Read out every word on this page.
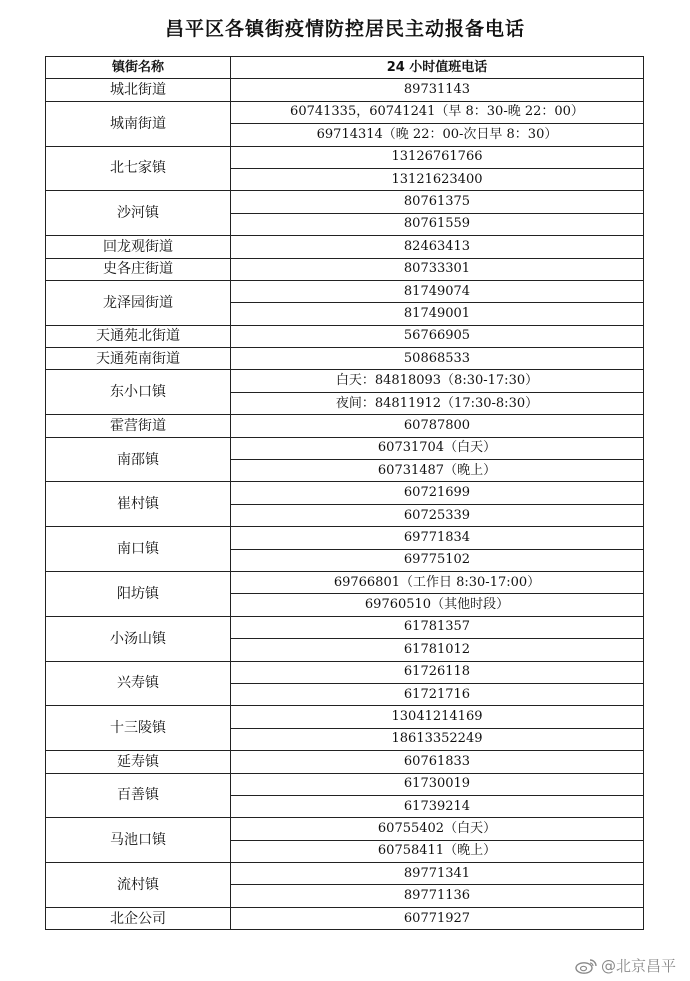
昌平区各镇街疫情防控居民主动报备电话
镇街名称	24 小时值班电话
城北街道	89731143
城南街道	60741335，60741241（早 8：30-晚 22：00）
	69714314（晚 22：00-次日早 8：30）
北七家镇	13126761766
	13121623400
沙河镇	80761375
	80761559
回龙观街道	82463413
史各庄街道	80733301
龙泽园街道	81749074
	81749001
天通苑北街道	56766905
天通苑南街道	50868533
东小口镇	白天：84818093（8:30-17:30）
	夜间：84811912（17:30-8:30）
霍营街道	60787800
南邵镇	60731704（白天）
	60731487（晚上）
崔村镇	60721699
	60725339
南口镇	69771834
	69775102
阳坊镇	69766801（工作日 8:30-17:00）
	69760510（其他时段）
小汤山镇	61781357
	61781012
兴寿镇	61726118
	61721716
十三陵镇	13041214169
	18613352249
延寿镇	60761833
百善镇	61730019
	61739214
马池口镇	60755402（白天）
	60758411（晚上）
流村镇	89771341
	89771136
北企公司	60771927
@北京昌平
